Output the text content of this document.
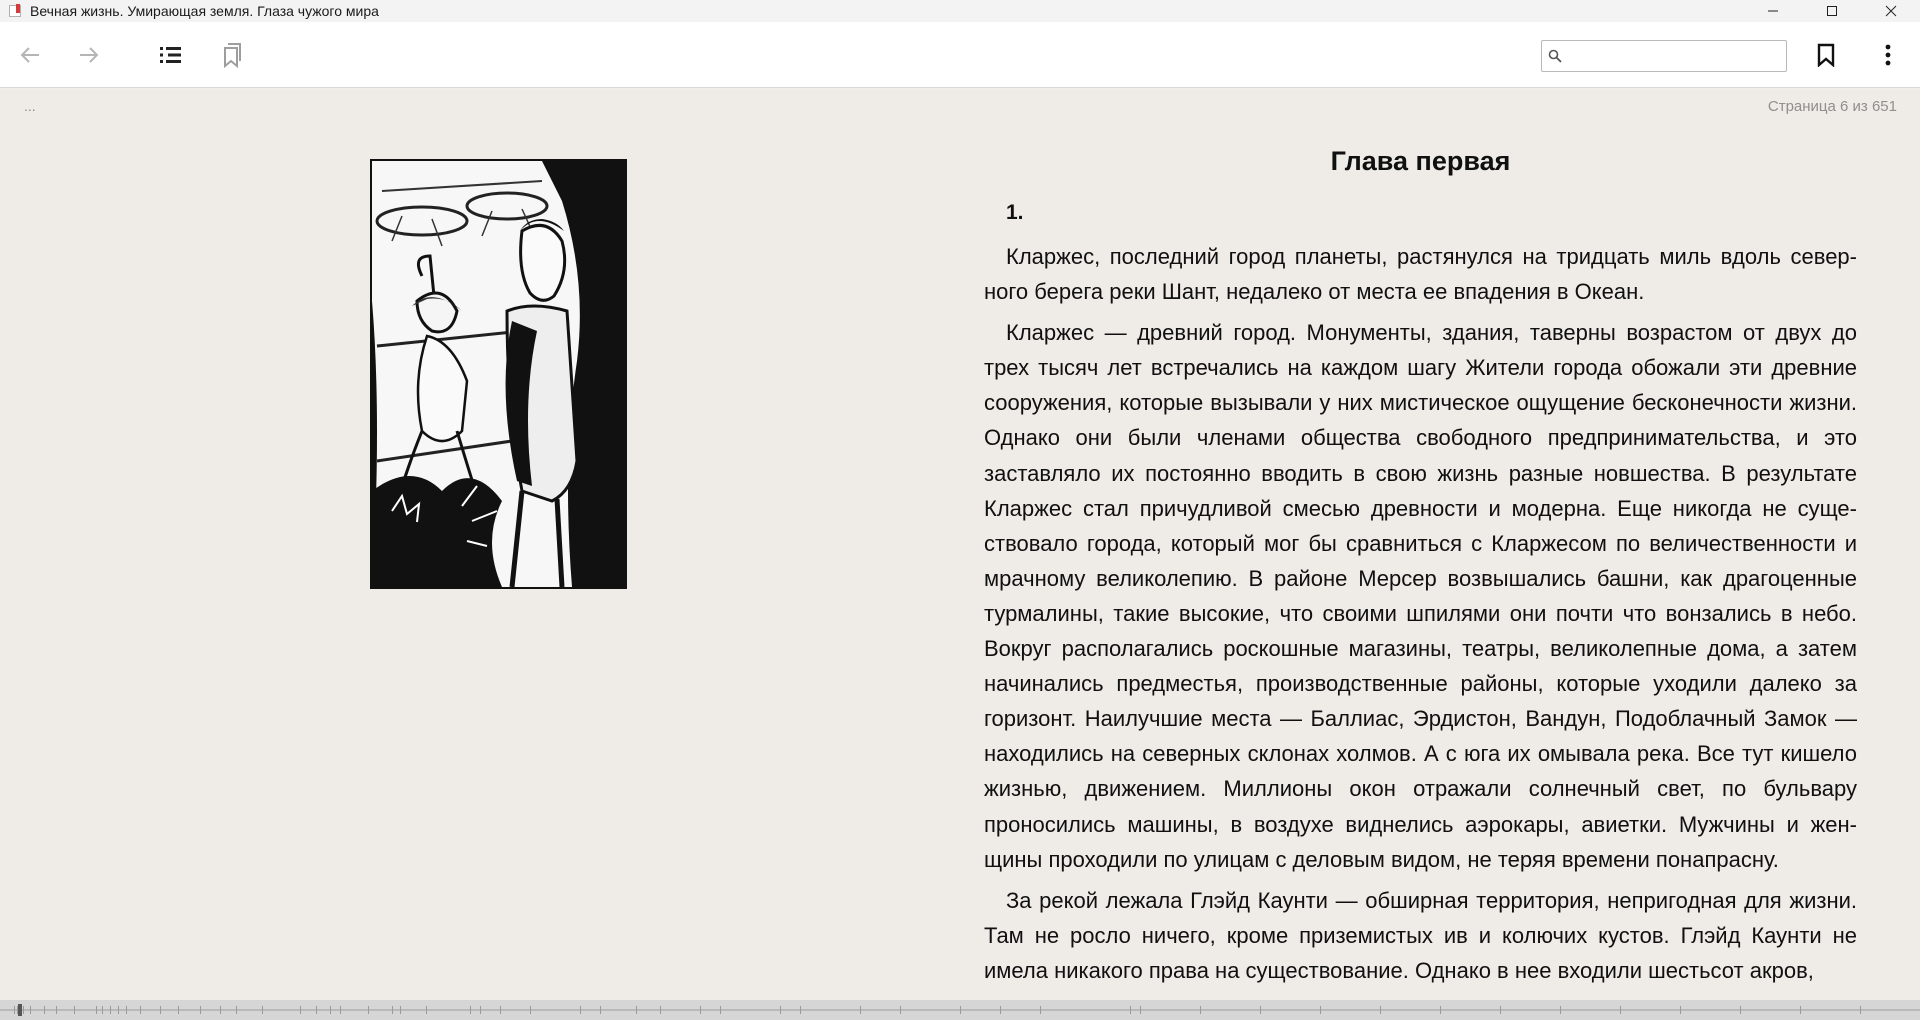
Вечная жизнь. Умирающая земля. Глаза чужого мира
...	Страница 6 из 651
Глава первая
1.

Кларжес, последний город планеты, растянулся на тридцать миль вдоль северного берега реки Шант, недалеко от места ее впадения в Океан.

Кларжес — древний город. Монументы, здания, таверны возрастом от двух до трех тысяч лет встречались на каждом шагу Жители города обожали эти древние сооружения, которые вызывали у них мистическое ощущение бесконечности жизни. Однако они были членами общества свободного предпринимательства, и это заставляло их постоянно вводить в свою жизнь разные новшества. В результате Кларжес стал причудливой смесью древности и модерна. Еще никогда не существовало города, который мог бы сравниться с Кларжесом по величественности и мрачному великолепию. В районе Мерсер возвышались башни, как драгоценные турмалины, такие высокие, что своими шпилями они почти что вонзались в небо. Вокруг располагались роскошные магазины, театры, великолепные дома, а затем начинались предместья, производственные районы, которые уходили далеко за горизонт. Наилучшие места — Баллиас, Эрдистон, Вандун, Подоблачный Замок — находились на северных склонах холмов. А с юга их омывала река. Все тут кишело жизнью, движением. Миллионы окон отражали солнечный свет, по бульвару проносились машины, в воздухе виднелись аэрокары, авиетки. Мужчины и женщины проходили по улицам с деловым видом, не теряя времени понапрасну.

За рекой лежала Глэйд Каунти — обширная территория, непригодная для жизни. Там не росло ничего, кроме приземистых ив и колючих кустов. Глэйд Каунти не имела никакого права на существование. Однако в нее входили шестьсот акров,
